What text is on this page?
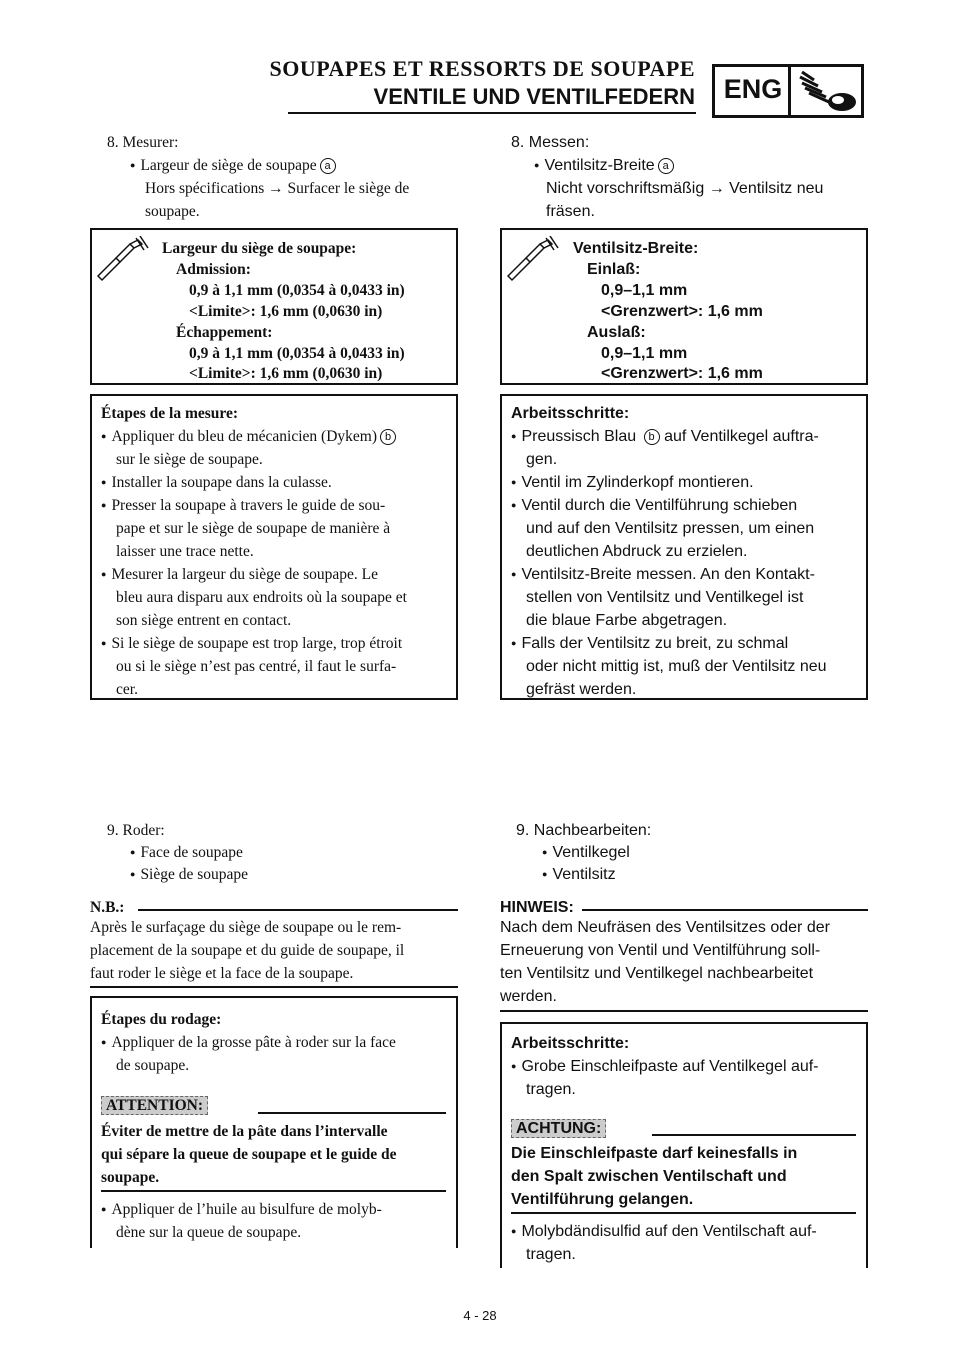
SOUPAPES ET RESSORTS DE SOUPAPE
VENTILE UND VENTILFEDERN ENG
8. Mesurer:
● Largeur de siège de soupape a
Hors spécifications → Surfacer le siège de
soupape.
Largeur du siège de soupape:
Admission:
0,9 à 1,1 mm (0,0354 à 0,0433 in)
<Limite>: 1,6 mm (0,0630 in)
Échappement:
0,9 à 1,1 mm (0,0354 à 0,0433 in)
<Limite>: 1,6 mm (0,0630 in)
Étapes de la mesure:
● Appliquer du bleu de mécanicien (Dykem) b
sur le siège de soupape.
● Installer la soupape dans la culasse.
● Presser la soupape à travers le guide de sou-
pape et sur le siège de soupape de manière à
laisser une trace nette.
● Mesurer la largeur du siège de soupape. Le
bleu aura disparu aux endroits où la soupape et
son siège entrent en contact.
● Si le siège de soupape est trop large, trop étroit
ou si le siège n’est pas centré, il faut le surfa-
cer.
9. Roder:
● Face de soupape
● Siège de soupape
N.B.:
Après le surfaçage du siège de soupape ou le rem-
placement de la soupape et du guide de soupape, il
faut roder le siège et la face de la soupape.
Étapes du rodage:
● Appliquer de la grosse pâte à roder sur la face
de soupape.
ATTENTION:
Éviter de mettre de la pâte dans l’intervalle
qui sépare la queue de soupape et le guide de
soupape.
● Appliquer de l’huile au bisulfure de molyb-
dène sur la queue de soupape.
8. Messen:
● Ventilsitz-Breite a
Nicht vorschriftsmäßig → Ventilsitz neu
fräsen.
Ventilsitz-Breite:
Einlaß:
0,9–1,1 mm
<Grenzwert>: 1,6 mm
Auslaß:
0,9–1,1 mm
<Grenzwert>: 1,6 mm
Arbeitsschritte:
● Preussisch Blau b auf Ventilkegel auftra-
gen.
● Ventil im Zylinderkopf montieren.
● Ventil durch die Ventilführung schieben
und auf den Ventilsitz pressen, um einen
deutlichen Abdruck zu erzielen.
● Ventilsitz-Breite messen. An den Kontakt-
stellen von Ventilsitz und Ventilkegel ist
die blaue Farbe abgetragen.
● Falls der Ventilsitz zu breit, zu schmal
oder nicht mittig ist, muß der Ventilsitz neu
gefräst werden.
9. Nachbearbeiten:
● Ventilkegel
● Ventilsitz
HINWEIS:
Nach dem Neufräsen des Ventilsitzes oder der
Erneuerung von Ventil und Ventilführung soll-
ten Ventilsitz und Ventilkegel nachbearbeitet
werden.
Arbeitsschritte:
● Grobe Einschleifpaste auf Ventilkegel auf-
tragen.
ACHTUNG:
Die Einschleifpaste darf keinesfalls in
den Spalt zwischen Ventilschaft und
Ventilführung gelangen.
● Molybdändisulfid auf den Ventilschaft auf-
tragen.
4 - 28
